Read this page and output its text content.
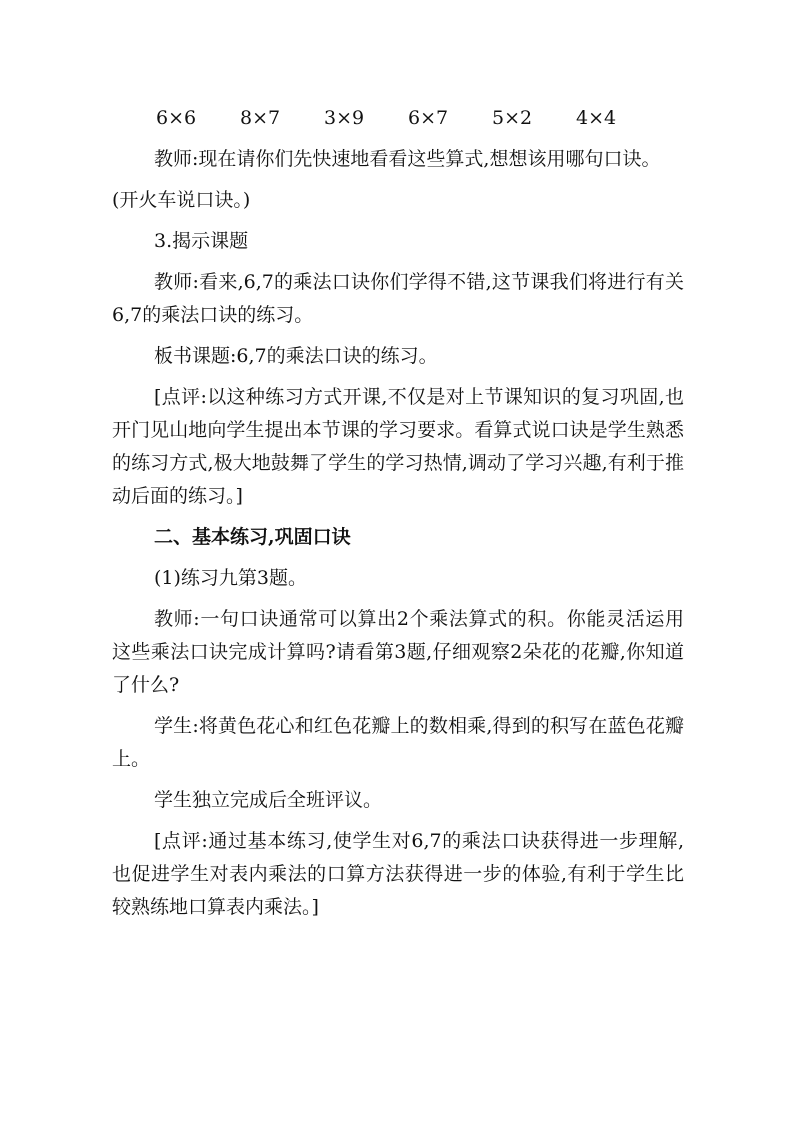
6×6	8×7	3×9	6×7	5×2	4×4

教师:现在请你们先快速地看看这些算式,想想该用哪句口诀。

(开火车说口诀。)

3.揭示课题

教师:看来,6,7的乘法口诀你们学得不错,这节课我们将进行有关6,7的乘法口诀的练习。

板书课题:6,7的乘法口诀的练习。

[点评:以这种练习方式开课,不仅是对上节课知识的复习巩固,也开门见山地向学生提出本节课的学习要求。看算式说口诀是学生熟悉的练习方式,极大地鼓舞了学生的学习热情,调动了学习兴趣,有利于推动后面的练习。]

二、基本练习,巩固口诀

(1)练习九第3题。

教师:一句口诀通常可以算出2个乘法算式的积。你能灵活运用这些乘法口诀完成计算吗?请看第3题,仔细观察2朵花的花瓣,你知道了什么?

学生:将黄色花心和红色花瓣上的数相乘,得到的积写在蓝色花瓣上。

学生独立完成后全班评议。

[点评:通过基本练习,使学生对6,7的乘法口诀获得进一步理解,也促进学生对表内乘法的口算方法获得进一步的体验,有利于学生比较熟练地口算表内乘法。]
